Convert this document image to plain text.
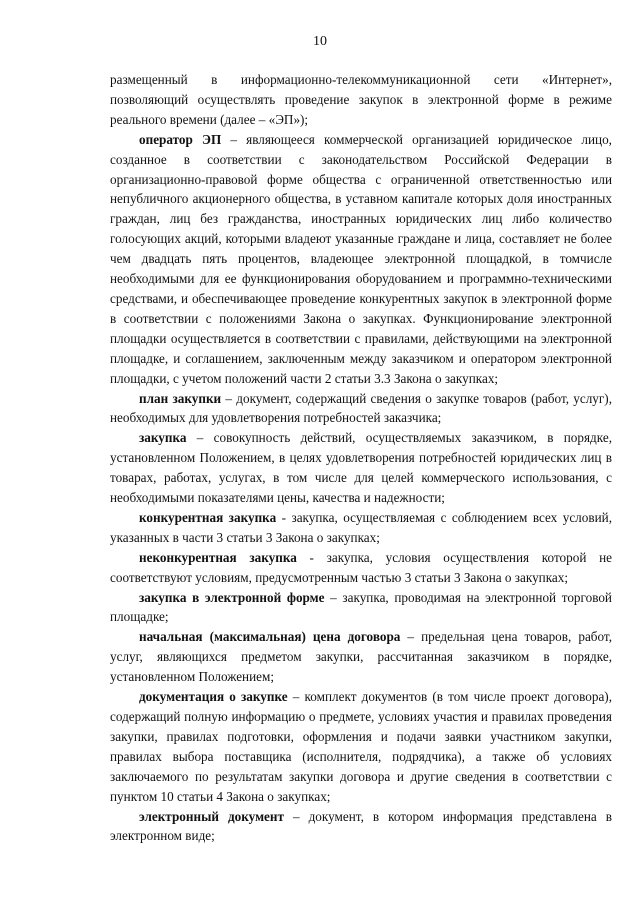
10

размещенный в информационно-телекоммуникационной сети «Интернет», позволяющий осуществлять проведение закупок в электронной форме в режиме реального времени (далее – «ЭП»);

оператор ЭП – являющееся коммерческой организацией юридическое лицо, созданное в соответствии с законодательством Российской Федерации в организационно-правовой форме общества с ограниченной ответственностью или непубличного акционерного общества, в уставном капитале которых доля иностранных граждан, лиц без гражданства, иностранных юридических лиц либо количество голосующих акций, которыми владеют указанные граждане и лица, составляет не более чем двадцать пять процентов, владеющее электронной площадкой, в томчисле необходимыми для ее функционирования оборудованием и программно-техническими средствами, и обеспечивающее проведение конкурентных закупок в электронной форме в соответствии с положениями Закона о закупках. Функционирование электронной площадки осуществляется в соответствии с правилами, действующими на электронной площадке, и соглашением, заключенным между заказчиком и оператором электронной площадки, с учетом положений части 2 статьи 3.3 Закона о закупках;

план закупки – документ, содержащий сведения о закупке товаров (работ, услуг), необходимых для удовлетворения потребностей заказчика;

закупка – совокупность действий, осуществляемых заказчиком, в порядке, установленном Положением, в целях удовлетворения потребностей юридических лиц в товарах, работах, услугах, в том числе для целей коммерческого использования, с необходимыми показателями цены, качества и надежности;

конкурентная закупка - закупка, осуществляемая с соблюдением всех условий, указанных в части 3 статьи 3 Закона о закупках;

неконкурентная закупка - закупка, условия осуществления которой не соответствуют условиям, предусмотренным частью 3 статьи 3 Закона о закупках;

закупка в электронной форме – закупка, проводимая на электронной торговой площадке;

начальная (максимальная) цена договора – предельная цена товаров, работ, услуг, являющихся предметом закупки, рассчитанная заказчиком в порядке, установленном Положением;

документация о закупке – комплект документов (в том числе проект договора), содержащий полную информацию о предмете, условиях участия и правилах проведения закупки, правилах подготовки, оформления и подачи заявки участником закупки, правилах выбора поставщика (исполнителя, подрядчика), а также об условиях заключаемого по результатам закупки договора и другие сведения в соответствии с пунктом 10 статьи 4 Закона о закупках;

электронный документ – документ, в котором информация представлена в электронном виде;
